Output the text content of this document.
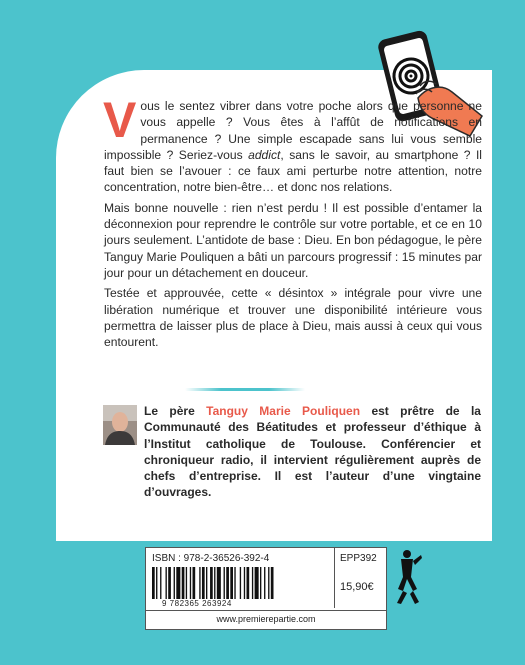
Vous le sentez vibrer dans votre poche alors que personne ne vous appelle ? Vous êtes à l’affût de notifications en permanence ? Une simple escapade sans lui vous semble impossible ? Seriez-vous addict, sans le savoir, au smartphone ? Il faut bien se l’avouer : ce faux ami perturbe notre attention, notre concentration, notre bien-être… et donc nos relations.

Mais bonne nouvelle : rien n’est perdu ! Il est possible d’entamer la déconnexion pour reprendre le contrôle sur votre portable, et ce en 10 jours seulement. L’antidote de base : Dieu. En bon pédagogue, le père Tanguy Marie Pouliquen a bâti un parcours progressif : 15 minutes par jour pour un détachement en douceur.

Testée et approuvée, cette « désintox » intégrale pour vivre une libération numérique et trouver une disponibilité intérieure vous permettra de laisser plus de place à Dieu, mais aussi à ceux qui vous entourent.

Le père Tanguy Marie Pouliquen est prêtre de la Communauté des Béatitudes et professeur d’éthique à l’Institut catholique de Toulouse. Conférencier et chroniqueur radio, il intervient régulièrement auprès de chefs d’entreprise. Il est l’auteur d’une vingtaine d’ouvrages.
ISBN : 978-2-36526-392-4	EPP392
15,90€
9 782365 263924
www.premierepartie.com
